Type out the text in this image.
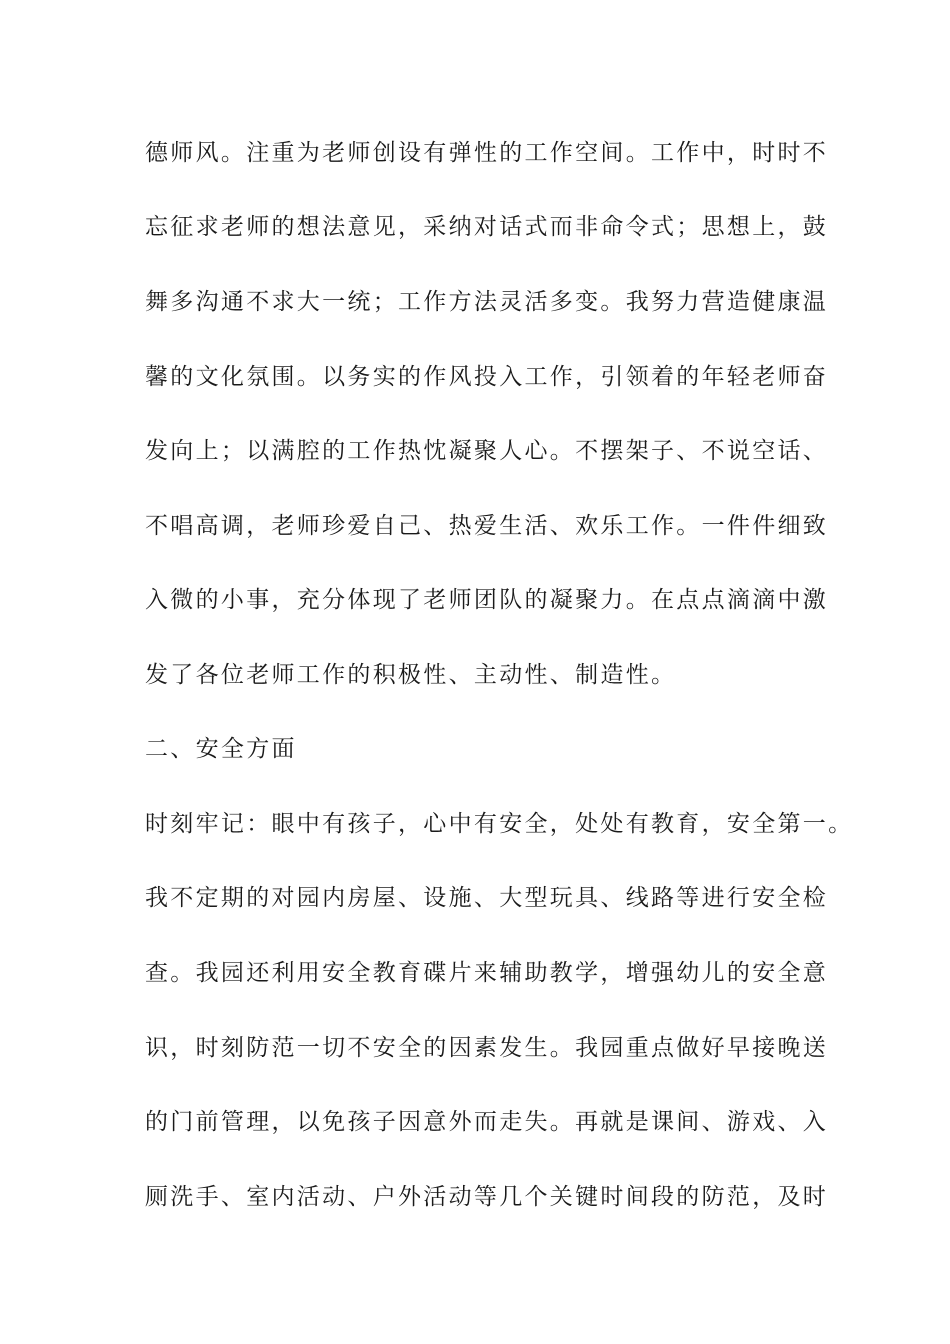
德师风。注重为老师创设有弹性的工作空间。工作中，时时不
忘征求老师的想法意见，采纳对话式而非命令式；思想上，鼓
舞多沟通不求大一统；工作方法灵活多变。我努力营造健康温
馨的文化氛围。以务实的作风投入工作，引领着的年轻老师奋
发向上；以满腔的工作热忱凝聚人心。不摆架子、不说空话、
不唱高调，老师珍爱自己、热爱生活、欢乐工作。一件件细致
入微的小事，充分体现了老师团队的凝聚力。在点点滴滴中激
发了各位老师工作的积极性、主动性、制造性。
二、安全方面
时刻牢记：眼中有孩子，心中有安全，处处有教育，安全第一。
我不定期的对园内房屋、设施、大型玩具、线路等进行安全检
查。我园还利用安全教育碟片来辅助教学，增强幼儿的安全意
识，时刻防范一切不安全的因素发生。我园重点做好早接晚送
的门前管理，以免孩子因意外而走失。再就是课间、游戏、入
厕洗手、室内活动、户外活动等几个关键时间段的防范，及时
